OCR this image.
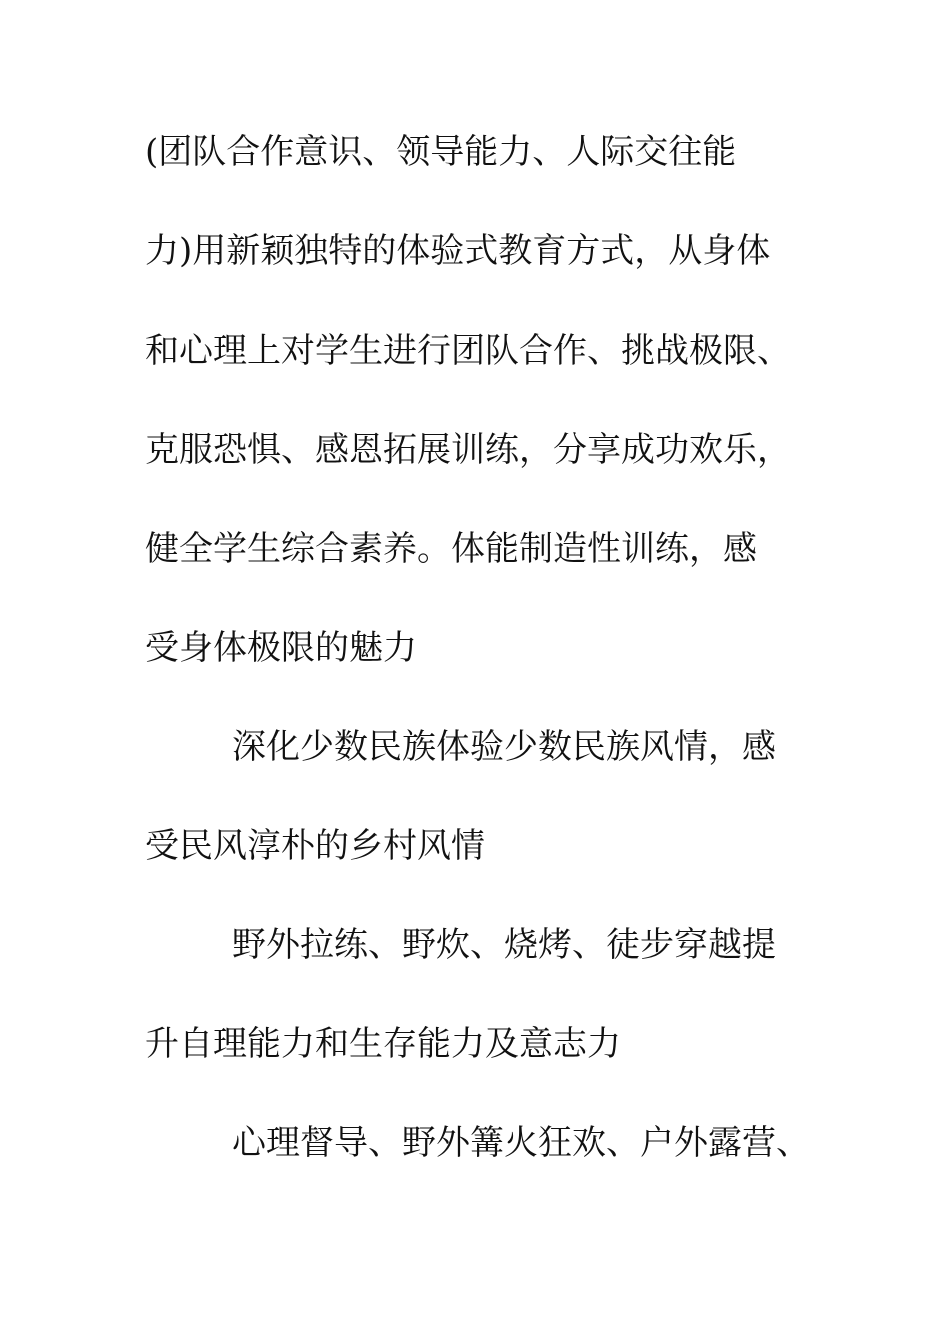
(团队合作意识、领导能力、人际交往能
力)用新颖独特的体验式教育方式，从身体
和心理上对学生进行团队合作、挑战极限、
克服恐惧、感恩拓展训练，分享成功欢乐，
健全学生综合素养。体能制造性训练，感
受身体极限的魅力
深化少数民族体验少数民族风情，感
受民风淳朴的乡村风情
野外拉练、野炊、烧烤、徒步穿越提
升自理能力和生存能力及意志力
心理督导、野外篝火狂欢、户外露营、
